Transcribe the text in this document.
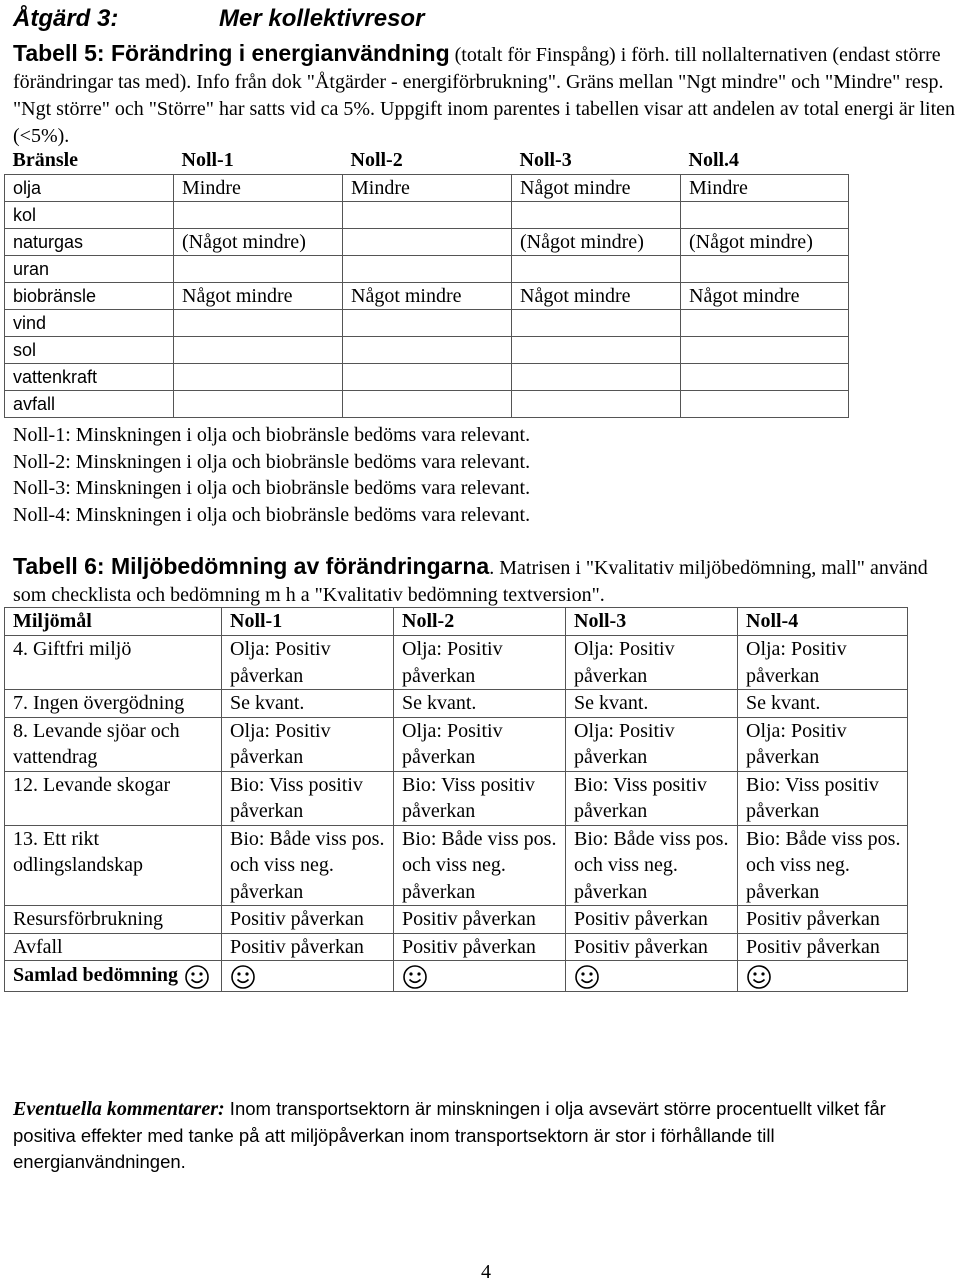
Åtgärd 3:	Mer kollektivresor
Tabell 5: Förändring i energianvändning (totalt för Finspång) i förh. till nollalternativen (endast större förändringar tas med). Info från dok "Åtgärder - energiförbrukning". Gräns mellan "Ngt mindre" och "Mindre" resp. "Ngt större" och "Större" har satts vid ca 5%. Uppgift inom parentes i tabellen visar att andelen av total energi är liten (<5%).
Bränsle	Noll-1	Noll-2	Noll-3	Noll.4
olja	Mindre	Mindre	Något mindre	Mindre
kol				
naturgas	(Något mindre)		(Något mindre)	(Något mindre)
uran				
biobränsle	Något mindre	Något mindre	Något mindre	Något mindre
vind				
sol				
vattenkraft				
avfall				
Noll-1: Minskningen i olja och biobränsle bedöms vara relevant.
Noll-2: Minskningen i olja och biobränsle bedöms vara relevant.
Noll-3: Minskningen i olja och biobränsle bedöms vara relevant.
Noll-4: Minskningen i olja och biobränsle bedöms vara relevant.
Tabell 6: Miljöbedömning av förändringarna. Matrisen i "Kvalitativ miljöbedömning, mall" använd som checklista och bedömning m h a "Kvalitativ bedömning textversion".
Miljömål	Noll-1	Noll-2	Noll-3	Noll-4
4. Giftfri miljö	Olja: Positiv påverkan	Olja: Positiv påverkan	Olja: Positiv påverkan	Olja: Positiv påverkan
7. Ingen övergödning	Se kvant.	Se kvant.	Se kvant.	Se kvant.
8. Levande sjöar och vattendrag	Olja: Positiv påverkan	Olja: Positiv påverkan	Olja: Positiv påverkan	Olja: Positiv påverkan
12. Levande skogar	Bio: Viss positiv påverkan	Bio: Viss positiv påverkan	Bio: Viss positiv påverkan	Bio: Viss positiv påverkan
13. Ett rikt odlingslandskap	Bio: Både viss pos. och viss neg. påverkan	Bio: Både viss pos. och viss neg. påverkan	Bio: Både viss pos. och viss neg. påverkan	Bio: Både viss pos. och viss neg. påverkan
Resursförbrukning	Positiv påverkan	Positiv påverkan	Positiv påverkan	Positiv påverkan
Avfall	Positiv påverkan	Positiv påverkan	Positiv påverkan	Positiv påverkan
Samlad bedömning				
Eventuella kommentarer: Inom transportsektorn är minskningen i olja avsevärt större procentuellt vilket får positiva effekter med tanke på att miljöpåverkan inom transportsektorn är stor i förhållande till energianvändningen.
4
